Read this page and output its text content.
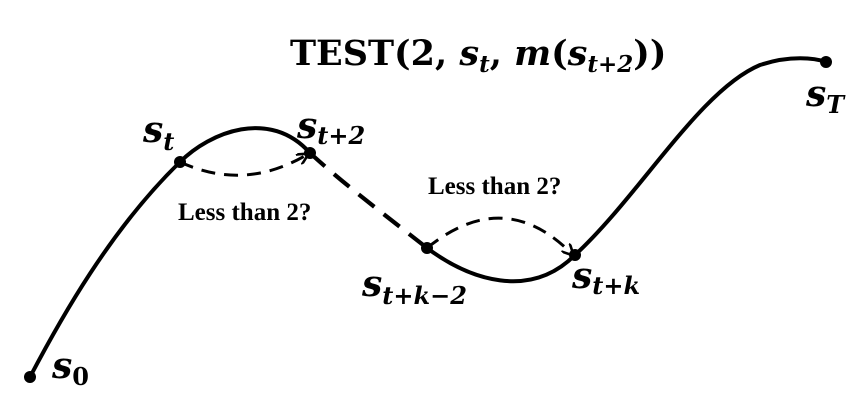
TEST(2, $s_t$, $m(s_{t+2})$)
s0
$s_t$	st+2
$s_{t+k-2}$	st+k
sT
Less than 2?
Less than 2?
